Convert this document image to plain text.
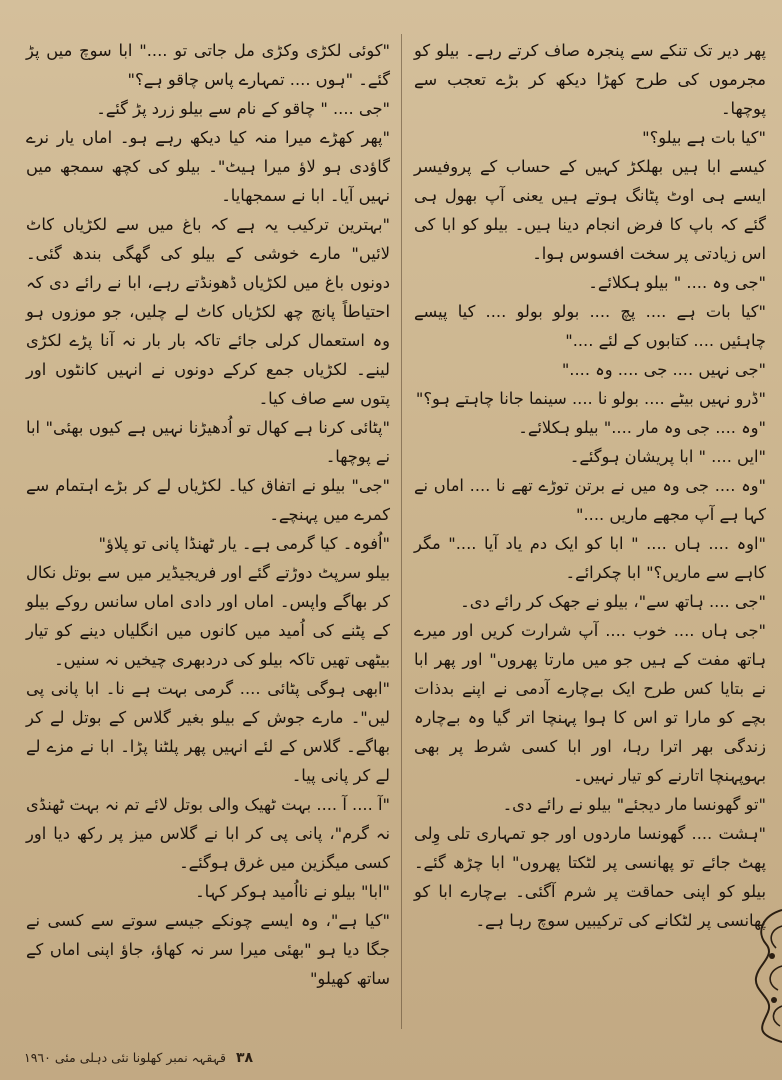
پھر دیر تک تنکے سے پنجرہ صاف کرتے رہے۔ بیلو کو مجرموں کی طرح کھڑا دیکھ کر بڑے تعجب سے پوچھا۔

"کیا بات ہے بیلو؟"

کیسے ابا ہیں بھلکڑ کہیں کے حساب کے پروفیسر ایسے ہی اوٹ پٹانگ ہوتے ہیں یعنی آپ بھول ہی گئے کہ باپ کا فرض انجام دینا ہیں۔ بیلو کو ابا کی اس زیادتی پر سخت افسوس ہوا۔

"جی وہ .... " بیلو ہکلائے۔

"کیا بات ہے .... پچ .... بولو بولو .... کیا پیسے چاہئیں .... کتابوں کے لئے ...."

"جی نہیں .... جی .... وہ ...."

"ڈرو نہیں بیٹے .... بولو نا .... سینما جانا چاہتے ہو؟"

"وہ .... جی وہ مار ...." بیلو ہکلائے۔

"ایں .... " ابا پریشان ہوگئے۔

"وہ .... جی وہ میں نے برتن توڑے تھے نا .... اماں نے کہا ہے آپ مجھے ماریں ...."

"اوہ .... ہاں .... " ابا کو ایک دم یاد آیا ...." مگر کاہے سے ماریں؟" ابا چکرائے۔

"جی .... ہاتھ سے"، بیلو نے جھک کر رائے دی۔

"جی ہاں .... خوب .... آپ شرارت کریں اور میرے ہاتھ مفت کے ہیں جو میں مارتا پھروں" اور پھر ابا نے بتایا کس طرح ایک بےچارے آدمی نے اپنے بدذات بچے کو مارا تو اس کا ہوا پہنچا اتر گیا وہ بےچارہ زندگی بھر اترا رہا، اور ابا کسی شرط پر بھی بہوپہنچا اتارنے کو تیار نہیں۔

"تو گھونسا مار دیجئے" بیلو نے رائے دی۔

"ہشت .... گھونسا ماردوں اور جو تمہاری تلی وِلی پھٹ جائے تو پھانسی پر لٹکتا پھروں" ابا چڑھ گئے۔ بیلو کو اپنی حماقت پر شرم آگئی۔ بےچارے ابا کو پھانسی پر لٹکانے کی ترکیبیں سوچ رہا ہے۔

"کوئی لکڑی وکڑی مل جاتی تو ...." ابا سوچ میں پڑ گئے۔ "ہوں .... تمہارے پاس چاقو ہے؟"

"جی .... " چاقو کے نام سے بیلو زرد پڑ گئے۔

"پھر کھڑے میرا منہ کیا دیکھ رہے ہو۔ اماں یار نرے گاؤدی ہو لاؤ میرا ہیٹ"۔ بیلو کی کچھ سمجھ میں نہیں آیا۔ ابا نے سمجھایا۔

"بہترین ترکیب یہ ہے کہ باغ میں سے لکڑیاں کاٹ لائیں" مارے خوشی کے بیلو کی گھگی بندھ گئی۔ دونوں باغ میں لکڑیاں ڈھونڈتے رہے، ابا نے رائے دی کہ احتیاطاً پانچ چھ لکڑیاں کاٹ لے چلیں، جو موزوں ہو وہ استعمال کرلی جائے تاکہ بار بار نہ آنا پڑے لکڑی لینے۔ لکڑیاں جمع کرکے دونوں نے انہیں کانٹوں اور پتوں سے صاف کیا۔

"پٹائی کرنا ہے کھال تو اُدھیڑنا نہیں ہے کیوں بھئی" ابا نے پوچھا۔

"جی" بیلو نے اتفاق کیا۔ لکڑیاں لے کر بڑے اہتمام سے کمرے میں پہنچے۔

"اُفوہ۔ کیا گرمی ہے۔ یار ٹھنڈا پانی تو پلاؤ"

بیلو سرپٹ دوڑتے گئے اور فریجیڈیر میں سے بوتل نکال کر بھاگے واپس۔ اماں اور دادی اماں سانس روکے بیلو کے پٹنے کی اُمید میں کانوں میں انگلیاں دینے کو تیار بیٹھی تھیں تاکہ بیلو کی دردبھری چیخیں نہ سنیں۔

"ابھی ہوگی پٹائی .... گرمی بہت ہے نا۔ ابا پانی پی لیں"۔ مارے جوش کے بیلو بغیر گلاس کے بوتل لے کر بھاگے۔ گلاس کے لئے انہیں پھر پلٹنا پڑا۔ ابا نے مزے لے لے کر پانی پیا۔

"آ .... آ .... بہت ٹھیک والی بوتل لائے تم نہ بہت ٹھنڈی نہ گرم"، پانی پی کر ابا نے گلاس میز پر رکھ دیا اور کسی میگزین میں غرق ہوگئے۔

"ابا" بیلو نے نااُمید ہوکر کہا۔

"کیا ہے"، وہ ایسے چونکے جیسے سوتے سے کسی نے جگا دیا ہو "بھئی میرا سر نہ کھاؤ، جاؤ اپنی اماں کے ساتھ کھیلو"

٣٨ قہقہہ نمبر کھلونا نئی دہلی مئی ١٩٦٠
